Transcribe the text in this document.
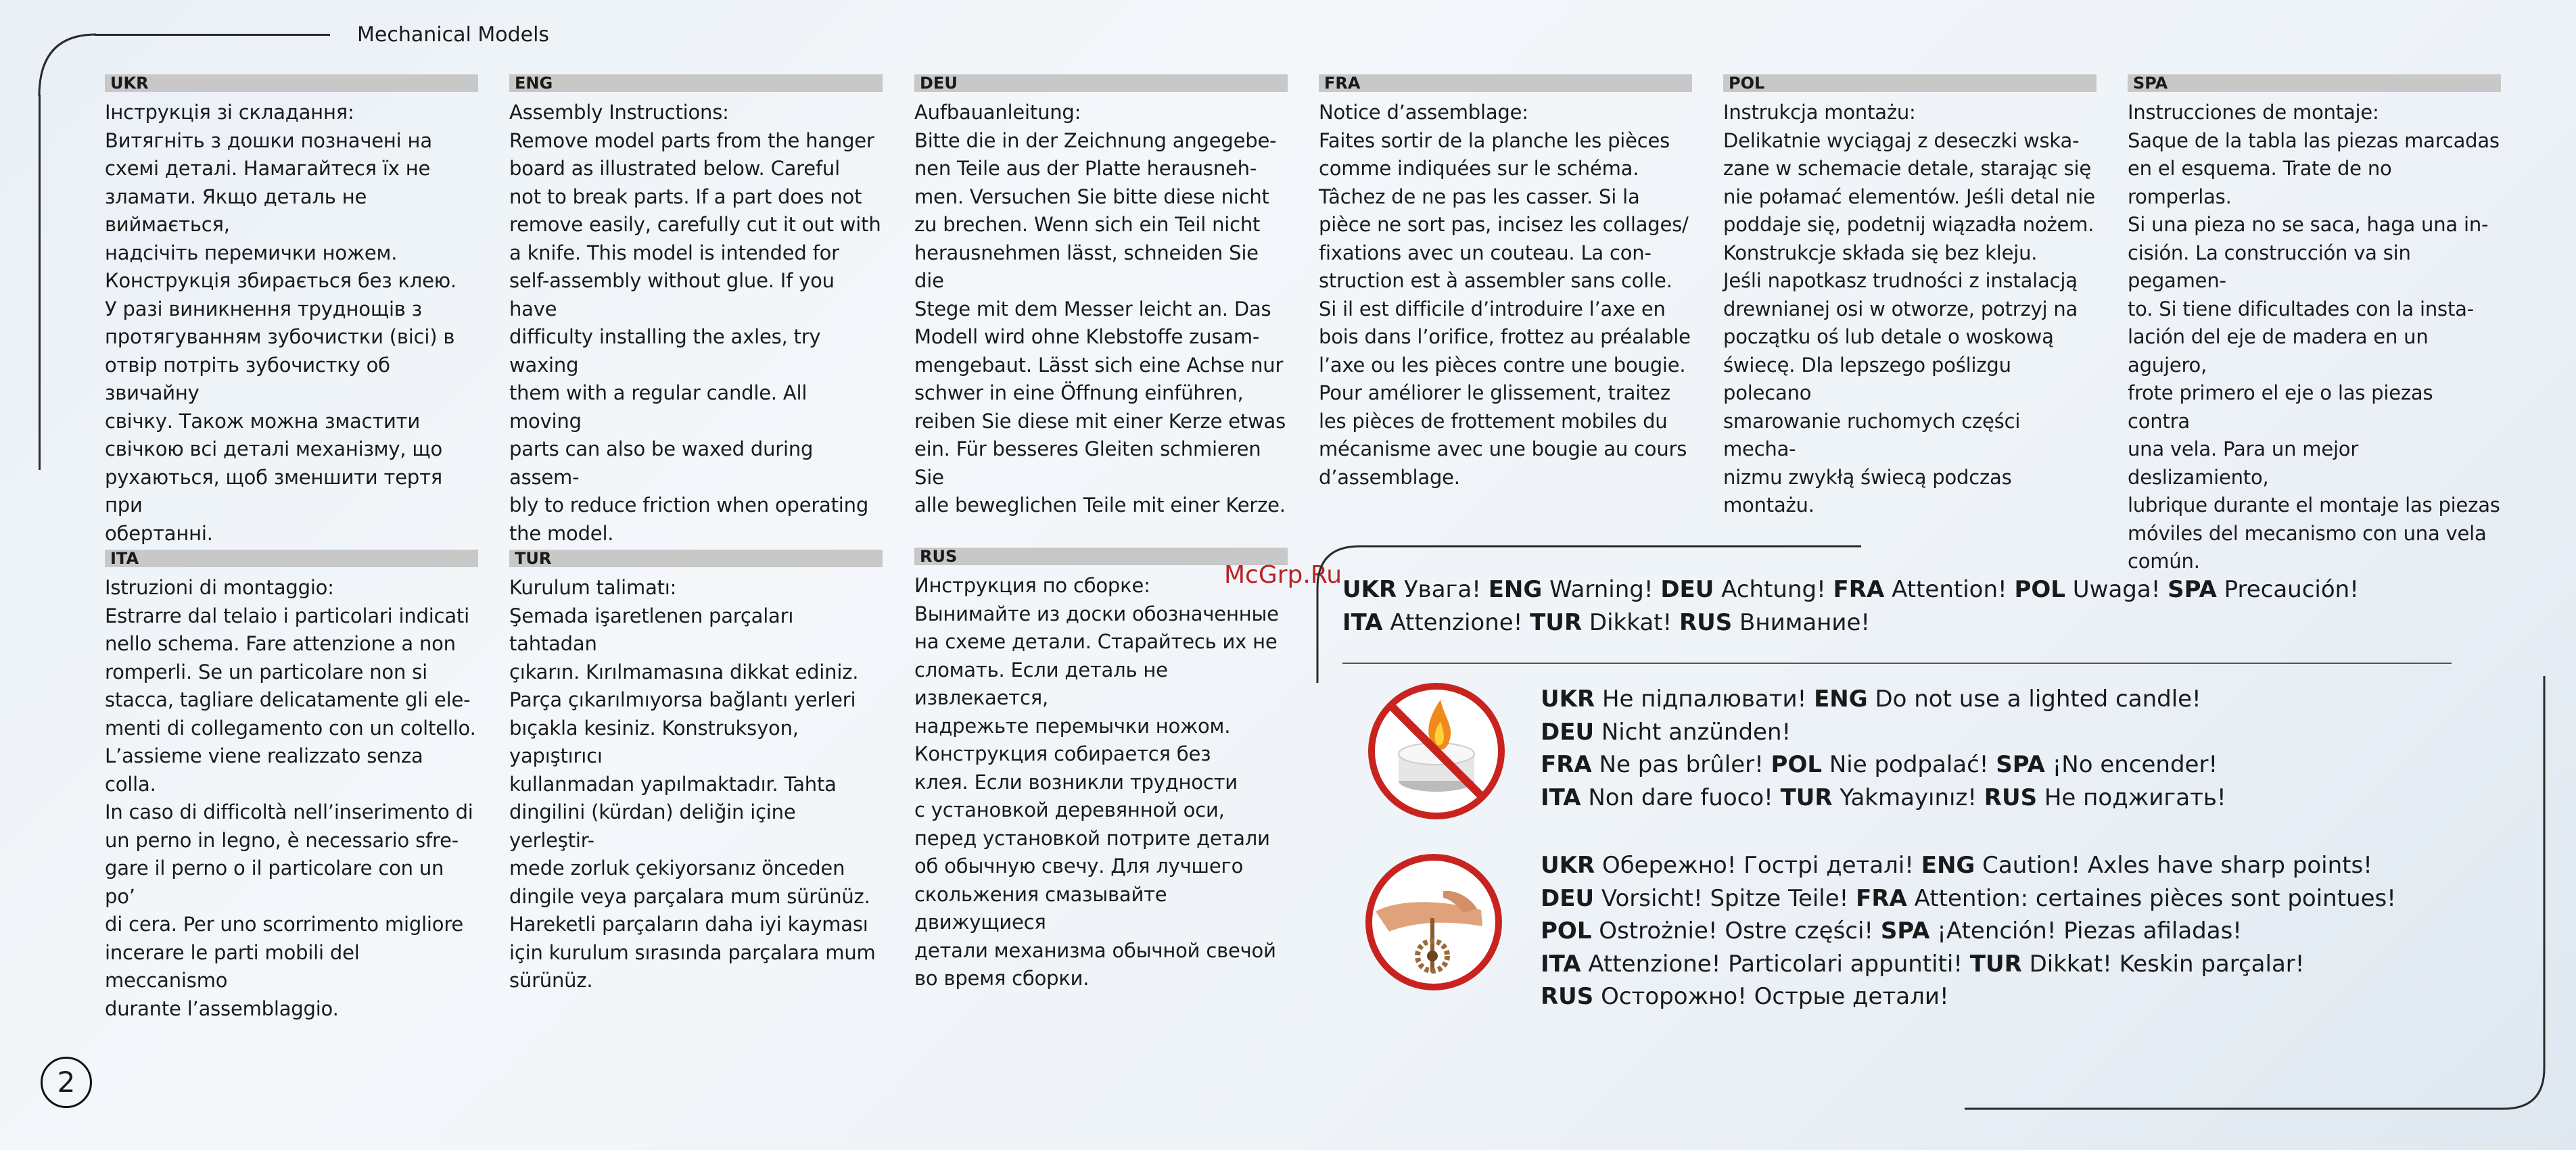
Mechanical Models
UKR
Інструкція зі складання:
Витягніть з дошки позначені на
схемі деталі. Намагайтеся їх не
зламати. Якщо деталь не виймається,
надсічіть перемички ножем.
Конструкція збирається без клею.
У разі виникнення труднощів з
протягуванням зубочистки (вісі) в
отвір потріть зубочистку об звичайну
свічку. Також можна змастити
свічкою всі деталі механізму, що
рухаються, щоб зменшити тертя при
обертанні.
ENG
Assembly Instructions:
Remove model parts from the hanger
board as illustrated below. Careful
not to break parts. If a part does not
remove easily, carefully cut it out with
a knife. This model is intended for
self-assembly without glue. If you have
difficulty installing the axles, try waxing
them with a regular candle. All moving
parts can also be waxed during assem-
bly to reduce friction when operating
the model.
DEU
Aufbauanleitung:
Bitte die in der Zeichnung angegebe-
nen Teile aus der Platte herausneh-
men. Versuchen Sie bitte diese nicht
zu brechen. Wenn sich ein Teil nicht
herausnehmen lässt, schneiden Sie die
Stege mit dem Messer leicht an. Das
Modell wird ohne Klebstoffe zusam-
mengebaut. Lässt sich eine Achse nur
schwer in eine Öffnung einführen,
reiben Sie diese mit einer Kerze etwas
ein. Für besseres Gleiten schmieren Sie
alle beweglichen Teile mit einer Kerze.
FRA
Notice d’assemblage:
Faites sortir de la planche les pièces
comme indiquées sur le schéma.
Tâchez de ne pas les casser. Si la
pièce ne sort pas, incisez les collages/
fixations avec un couteau. La con-
struction est à assembler sans colle.
Si il est difficile d’introduire l’axe en
bois dans l’orifice, frottez au préalable
l’axe ou les pièces contre une bougie.
Pour améliorer le glissement, traitez
les pièces de frottement mobiles du
mécanisme avec une bougie au cours
d’assemblage.
POL
Instrukcja montażu:
Delikatnie wyciągaj z deseczki wska-
zane w schemacie detale, starając się
nie połamać elementów. Jeśli detal nie
poddaje się, podetnij wiązadła nożem.
Konstrukcje składa się bez kleju.
Jeśli napotkasz trudności z instalacją
drewnianej osi w otworze, potrzyj na
początku oś lub detale o woskową
świecę. Dla lepszego poślizgu polecano
smarowanie ruchomych części mecha-
nizmu zwykłą świecą podczas montażu.
SPA
Instrucciones de montaje:
Saque de la tabla las piezas marcadas
en el esquema. Trate de no romperlas.
Si una pieza no se saca, haga una in-
cisión. La construcción va sin pegamen-
to. Si tiene dificultades con la insta-
lación del eje de madera en un agujero,
frote primero el eje o las piezas contra
una vela. Para un mejor deslizamiento,
lubrique durante el montaje las piezas
móviles del mecanismo con una vela
común.
ITA
Istruzioni di montaggio:
Estrarre dal telaio i particolari indicati
nello schema. Fare attenzione a non
romperli. Se un particolare non si
stacca, tagliare delicatamente gli ele-
menti di collegamento con un coltello.
L’assieme viene realizzato senza colla.
In caso di difficoltà nell’inserimento di
un perno in legno, è necessario sfre-
gare il perno o il particolare con un po’
di cera. Per uno scorrimento migliore
incerare le parti mobili del meccanismo
durante l’assemblaggio.
TUR
Kurulum talimatı:
Şemada işaretlenen parçaları tahtadan
çıkarın. Kırılmamasına dikkat ediniz.
Parça çıkarılmıyorsa bağlantı yerleri
bıçakla kesiniz. Konstruksyon, yapıştırıcı
kullanmadan yapılmaktadır. Tahta
dingilini (kürdan) deliğin içine yerleştir-
mede zorluk çekiyorsanız önceden
dingile veya parçalara mum sürünüz.
Hareketli parçaların daha iyi kayması
için kurulum sırasında parçalara mum
sürünüz.
RUS
Инструкция по сборке:
Вынимайте из доски обозначенные
на схеме детали. Старайтесь их не
сломать. Если деталь не извлекается,
надрежьте перемычки ножом.
Конструкция собирается без
клея. Если возникли трудности
с установкой деревянной оси,
перед установкой потрите детали
об обычную свечу. Для лучшего
скольжения смазывайте движущиеся
детали механизма обычной свечой
во время сборки.
McGrp.Ru
UKR Увага! ENG Warning! DEU Achtung! FRA Attention! POL Uwaga! SPA Precaución!
ITA Attenzione! TUR Dikkat! RUS Внимание!
UKR Не підпалювати! ENG Do not use a lighted candle!
DEU Nicht anzünden!
FRA Ne pas brûler! POL Nie podpalać! SPA ¡No encender!
ITA Non dare fuoco! TUR Yakmayınız! RUS Не поджигать!
UKR Обережно! Гострі деталі! ENG Caution! Axles have sharp points!
DEU Vorsicht! Spitze Teile! FRA Attention: certaines pièces sont pointues!
POL Ostrożnie! Ostre części! SPA ¡Atención! Piezas afiladas!
ITA Attenzione! Particolari appuntiti! TUR Dikkat! Keskin parçalar!
RUS Осторожно! Острые детали!
2
